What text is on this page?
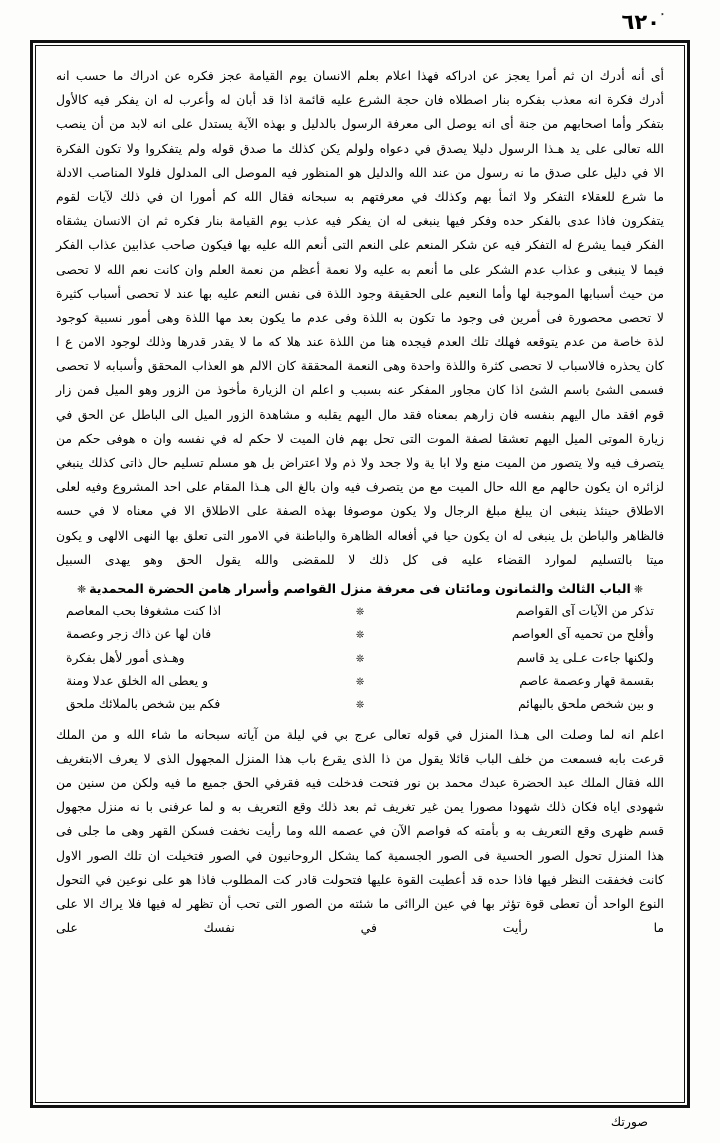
٦٢٠
أى أنه أدرك ان ثم أمرا يعجز عن ادراكه فهذا اعلام بعلم الانسان يوم القيامة عجز فكره عن ادراك ما حسب انه أدرك فكرة انه معذب بفكره بنار اصطلاه فان حجة الشرع عليه قائمة اذا قد أبان له وأعرب له ان يفكر فيه كالأول بتفكر وأما اصحابهم من جنة أى انه يوصل الى معرفة الرسول بالدليل و بهذه الآية يستدل على انه لابد من أن ينصب الله تعالى على يد هـذا الرسول دليلا يصدق في دعواه ولولم يكن كذلك ما صدق قوله ولم يتفكروا ولا تكون الفكرة الا في دليل على صدق ما نه رسول من عند الله والدليل هو المنظور فيه الموصل الى المدلول فلولا المناصب الادلة ما شرع للعقلاء التفكر ولا اثمأ بهم وكذلك في معرفتهم به سبحانه فقال الله كم أمورا ان في ذلك لآيات لقوم يتفكرون فاذا عدى بالفكر حده وفكر فيها ينبغى له ان يفكر فيه عذب يوم القيامة بنار فكره ثم ان الانسان يشقاه الفكر فيما يشرع له التفكر فيه عن شكر المنعم على النعم التى أنعم الله عليه بها فيكون صاحب عذابين عذاب الفكر فيما لا ينبغى و عذاب عدم الشكر على ما أنعم به عليه ولا نعمة أعظم من نعمة العلم وان كانت نعم الله لا تحصى من حيث أسبابها الموجبة لها وأما النعيم على الحقيقة وجود اللذة فى نفس النعم عليه بها عند لا تحصى أسباب كثيرة لا تحصى محصورة فى أمرين فى وجود ما تكون به اللذة وفى عدم ما يكون بعد مها اللذة وهى أمور نسبية كوجود لذة خاصة من عدم يتوقعه فهلك تلك العدم فيجده هنا من اللذة عند هلا كه ما لا يقدر قدرها وذلك لوجود الامن ع ا كان يحذره فالاسباب لا تحصى كثرة واللذة واحدة وهى النعمة المحققة كان الالم هو العذاب المحقق وأسبابه لا تحصى فسمى الشئ باسم الشئ اذا كان مجاور المفكر عنه بسبب و اعلم ان الزيارة مأخوذ من الزور وهو الميل فمن زار قوم افقد مال اليهم بنفسه فان زارهم بمعناه فقد مال اليهم يقلبه و مشاهدة الزور الميل الى الباطل عن الحق في زيارة الموتى الميل اليهم تعشقا لصفة الموت التى تحل بهم فان الميت لا حكم له في نفسه وان ه هوفى حكم من يتصرف فيه ولا يتصور من الميت منع ولا ابا ية ولا جحد ولا ذم ولا اعتراض بل هو مسلم تسليم حال ذاتى كذلك ينبغي لزائره ان يكون حالهم مع الله حال الميت مع من يتصرف فيه وان بالغ الى هـذا المقام على احد المشروع وفيه لعلى الاطلاق حينئذ ينبغى ان يبلغ مبلغ الرجال ولا يكون موصوفا بهذه الصفة على الاطلاق الا في معناه لا في حسه فالظاهر والباطن بل ينبغى له ان يكون حيا في أفعاله الظاهرة والباطنة في الامور التى تعلق بها النهى الالهى و يكون ميتا بالتسليم لموارد القضاء عليه فى كل ذلك لا للمقضى والله يقول الحق وهو يهدى السبيل
❈الباب الثالث والثمانون ومائتان فى معرفة منزل القواصم وأسرار هامن الحضرة المحمدية❈
تذكر من الآيات آى القواصم
❊
اذا كنت مشغوفا بحب المعاصم
وأفلح من تحميه آى العواصم
❊
فان لها عن ذاك زجر وعصمة
ولكنها جاءت عـلى يد قاسم
❊
وهـذى أمور لأهل بفكرة
بقسمة قهار وعصمة عاصم
❊
و يعطى اله الخلق عدلا ومنة
و بين شخص ملحق بالبهائم
❊
فكم بين شخص بالملائك ملحق
اعلم انه لما وصلت الى هـذا المنزل في قوله تعالى عرج بي في ليلة من آياته سبحانه ما شاء الله و من الملك قرعت بابه فسمعت من خلف الباب قائلا يقول من ذا الذى يقرع باب هذا المنزل المجهول الذى لا يعرف الابتغريف الله فقال الملك عبد الحضرة عبدك محمد بن نور فتحت فدخلت فيه فقرفي الحق جميع ما فيه ولكن من سنين من شهودى اياه فكان ذلك شهودا مصورا يمن غير تغريف ثم بعد ذلك وقع التعريف به و لما عرفنى با نه منزل مجهول قسم ظهرى وقع التعريف به و بأمته كه فواصم الآن في عصمه الله وما رأيت نخفت فسكن القهر وهى ما جلى فى هذا المنزل تحول الصور الحسية فى الصور الجسمية كما يشكل الروحانيون في الصور فتخيلت ان تلك الصور الاول كانت فخفقت النظر فيها فاذا حده قد أعطيت القوة عليها فتحولت قادر كت المطلوب فاذا هو على نوعين في التحول النوع الواحد أن تعطى قوة تؤثر بها في عين الراائى ما شئته من الصور التى تحب أن تظهر له فيها فلا يراك الا على ما رأيت في نفسك على
صورتك
